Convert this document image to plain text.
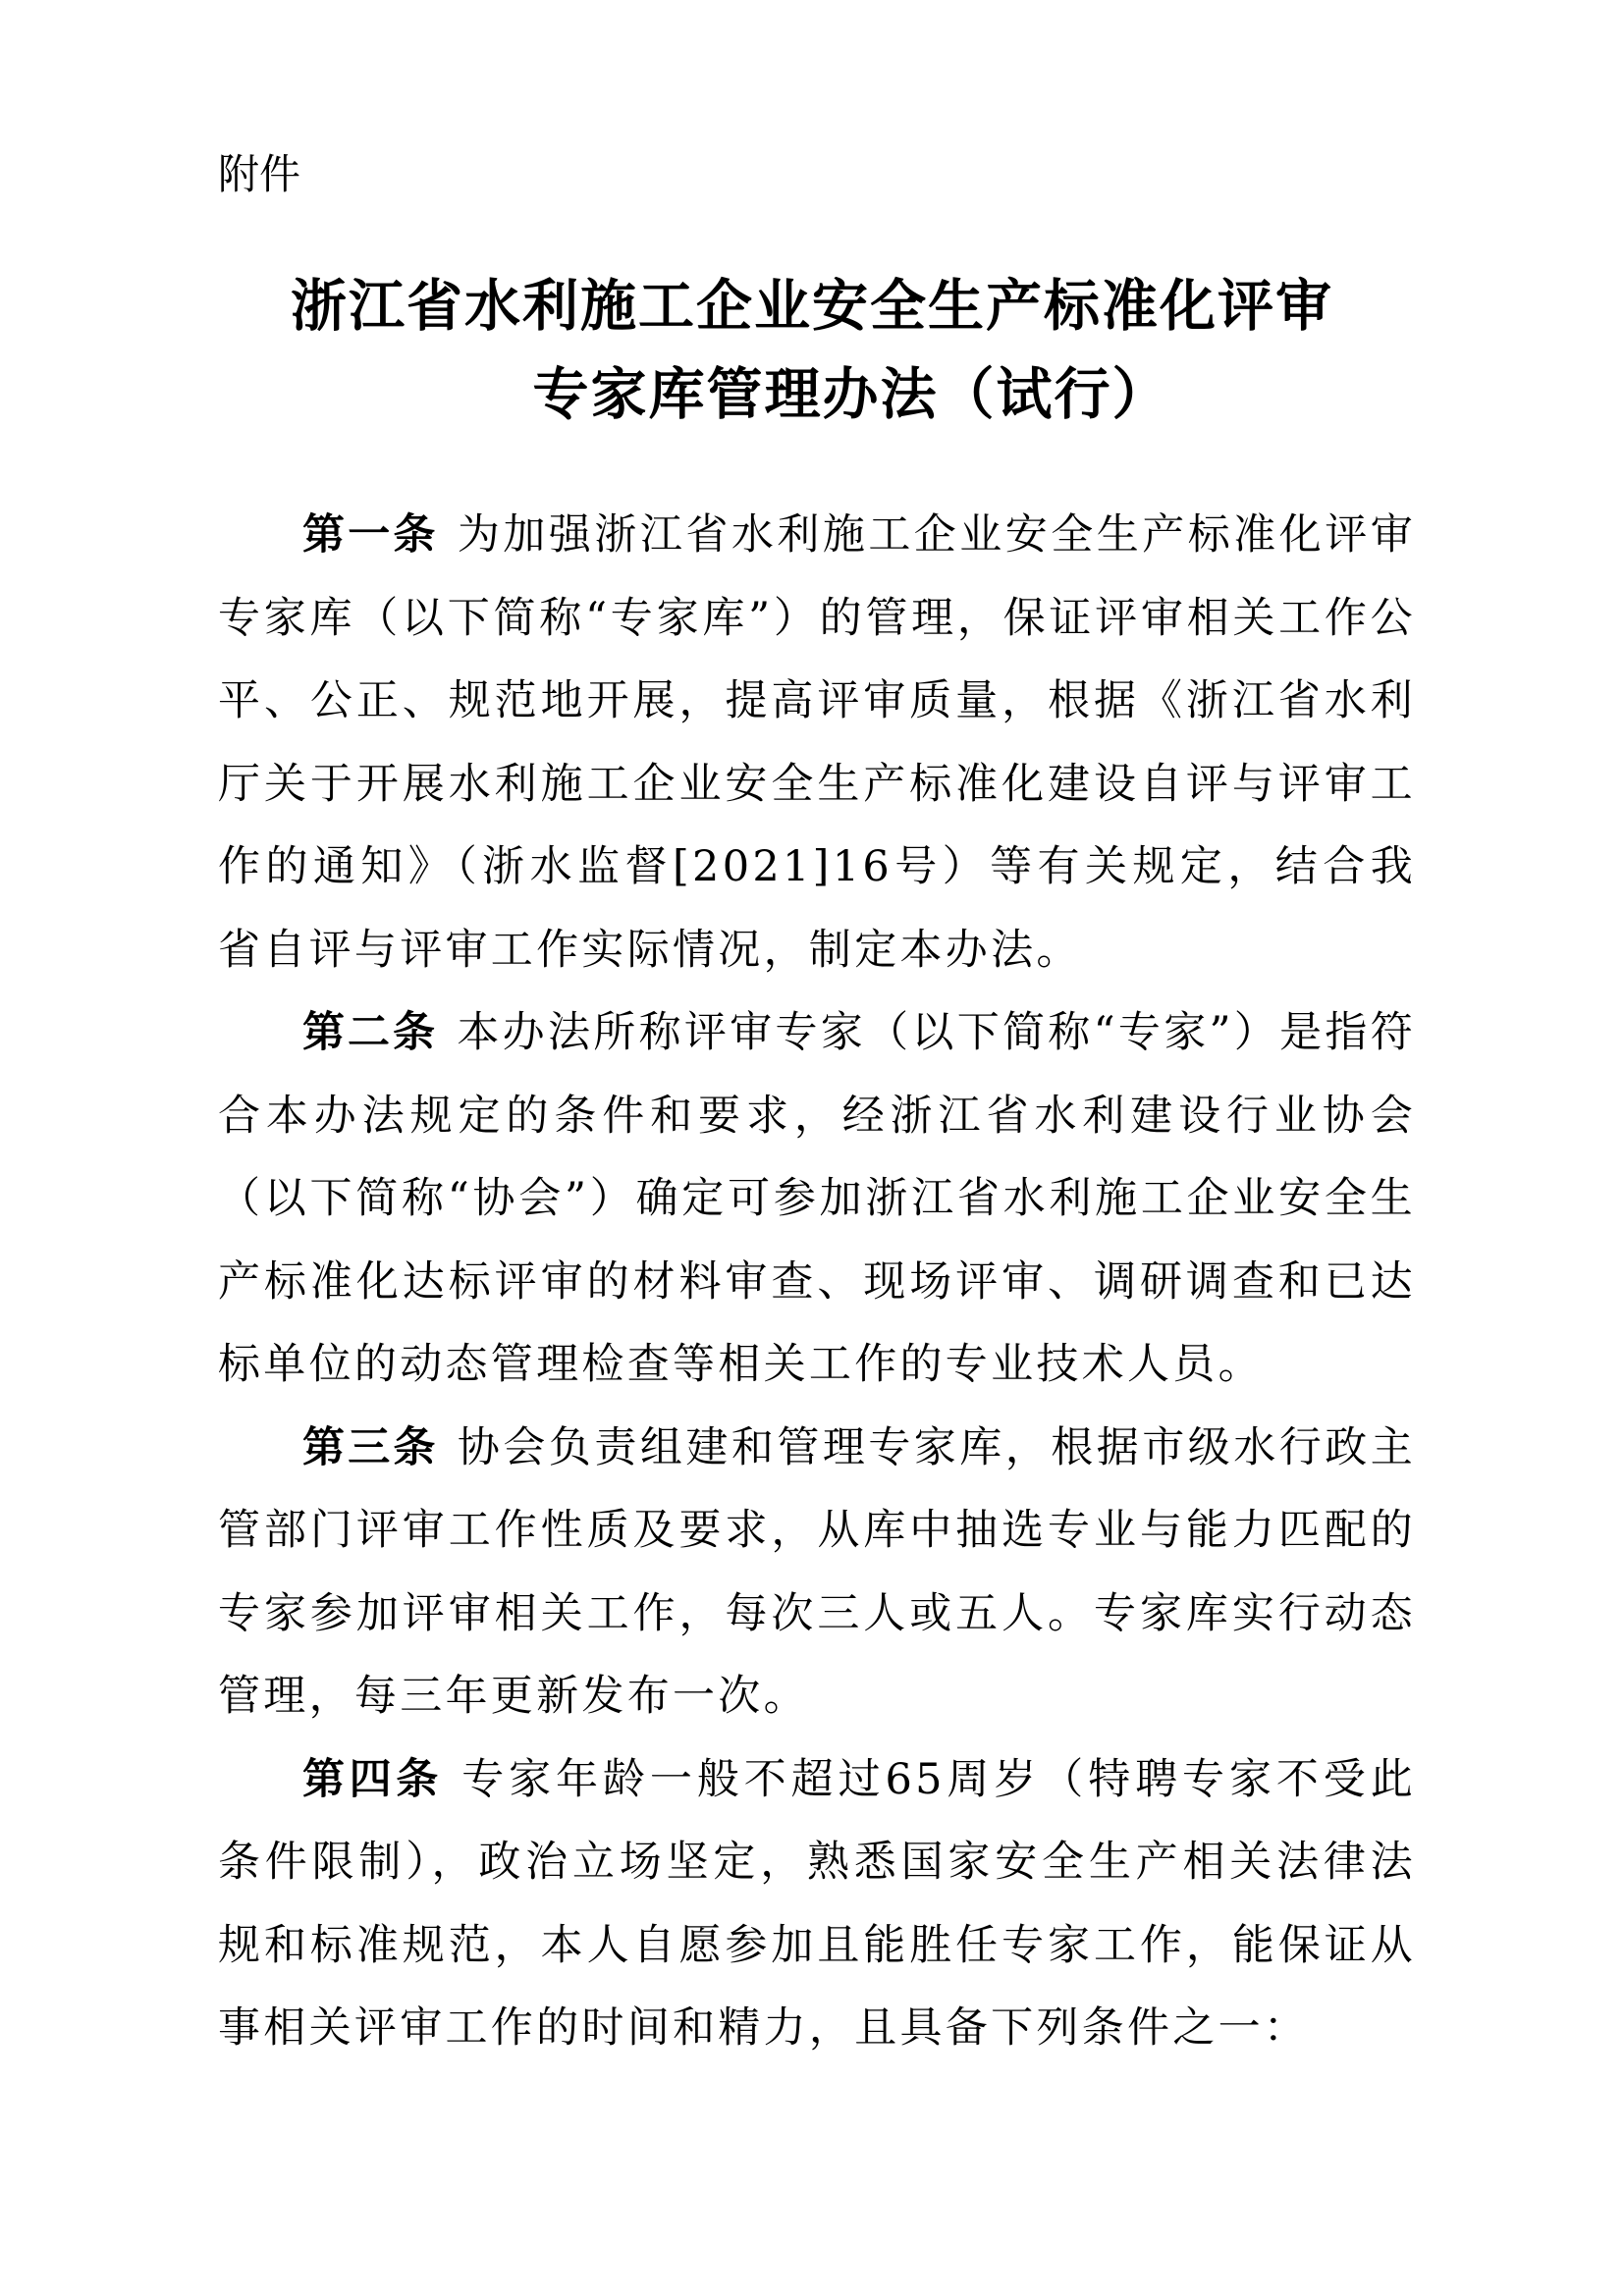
附件
浙江省水利施工企业安全生产标准化评审
专家库管理办法（试行）

第一条 为加强浙江省水利施工企业安全生产标准化评审专家库（以下简称“专家库”）的管理，保证评审相关工作公平、公正、规范地开展，提高评审质量，根据《浙江省水利厅关于开展水利施工企业安全生产标准化建设自评与评审工作的通知》（浙水监督[2021]16号）等有关规定，结合我省自评与评审工作实际情况，制定本办法。

第二条 本办法所称评审专家（以下简称“专家”）是指符合本办法规定的条件和要求，经浙江省水利建设行业协会（以下简称“协会”）确定可参加浙江省水利施工企业安全生产标准化达标评审的材料审查、现场评审、调研调查和已达标单位的动态管理检查等相关工作的专业技术人员。

第三条 协会负责组建和管理专家库，根据市级水行政主管部门评审工作性质及要求，从库中抽选专业与能力匹配的专家参加评审相关工作，每次三人或五人。专家库实行动态管理，每三年更新发布一次。

第四条 专家年龄一般不超过65周岁（特聘专家不受此条件限制），政治立场坚定，熟悉国家安全生产相关法律法规和标准规范，本人自愿参加且能胜任专家工作，能保证从事相关评审工作的时间和精力，且具备下列条件之一：
